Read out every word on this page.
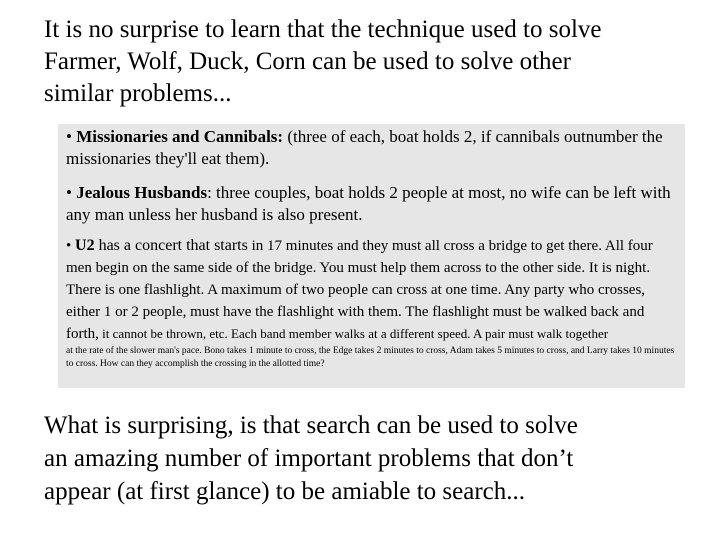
It is no surprise to learn that the technique used to solve
Farmer, Wolf, Duck, Corn can be used to solve other
similar problems...

• Missionaries and Cannibals: (three of each, boat holds 2, if cannibals outnumber the missionaries they'll eat them).

• Jealous Husbands: three couples, boat holds 2 people at most, no wife can be left with any man unless her husband is also present.

• U2 has a concert that starts in 17 minutes and they must all cross a bridge to get there. All four men begin on the same side of the bridge. You must help them across to the other side. It is night. There is one flashlight. A maximum of two people can cross at one time. Any party who crosses, either 1 or 2 people, must have the flashlight with them. The flashlight must be walked back and forth, it cannot be thrown, etc. Each band member walks at a different speed. A pair must walk together
at the rate of the slower man's pace. Bono takes 1 minute to cross, the Edge takes 2 minutes to cross, Adam takes 5 minutes to cross, and Larry takes 10 minutes to cross. How can they accomplish the crossing in the allotted time?

What is surprising, is that search can be used to solve
an amazing number of important problems that don’t
appear (at first glance) to be amiable to search...
